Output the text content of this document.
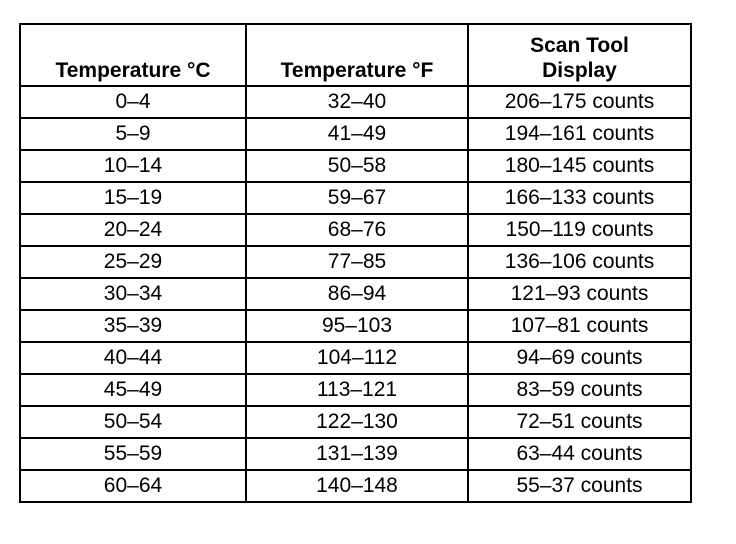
Temperature °C	Temperature °F	Scan Tool
Display

0–4	32–40	206–175 counts
5–9	41–49	194–161 counts
10–14	50–58	180–145 counts
15–19	59–67	166–133 counts
20–24	68–76	150–119 counts
25–29	77–85	136–106 counts
30–34	86–94	121–93 counts
35–39	95–103	107–81 counts
40–44	104–112	94–69 counts
45–49	113–121	83–59 counts
50–54	122–130	72–51 counts
55–59	131–139	63–44 counts
60–64	140–148	55–37 counts
